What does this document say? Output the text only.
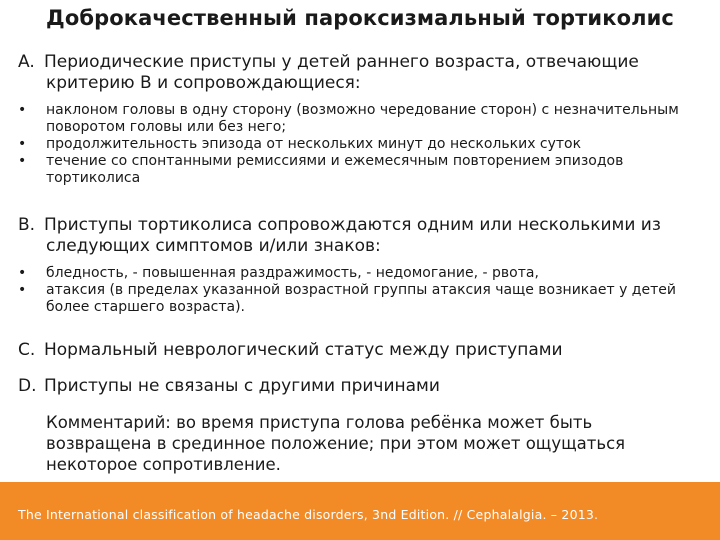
Доброкачественный пароксизмальный тортиколис
A. Периодические приступы у детей раннего возраста, отвечающие
критерию B и сопровождающиеся:
• наклоном головы в одну сторону (возможно чередование сторон) с незначительным поворотом головы или без него;
• продолжительность эпизода от нескольких минут до нескольких суток
• течение со спонтанными ремиссиями и ежемесячным повторением эпизодов тортиколиса
B. Приступы тортиколиса сопровождаются одним или несколькими из
следующих симптомов и/или знаков:
• бледность, - повышенная раздражимость, - недомогание, - рвота,
• атаксия (в пределах указанной возрастной группы атаксия чаще возникает у детей более старшего возраста).
C. Нормальный неврологический статус между приступами
D. Приступы не связаны с другими причинами
Комментарий: во время приступа голова ребёнка может быть
возвращена в срединное положение; при этом может ощущаться
некоторое сопротивление.
The International classification of headache disorders, 3nd Edition. // Cephalalgia. – 2013.
